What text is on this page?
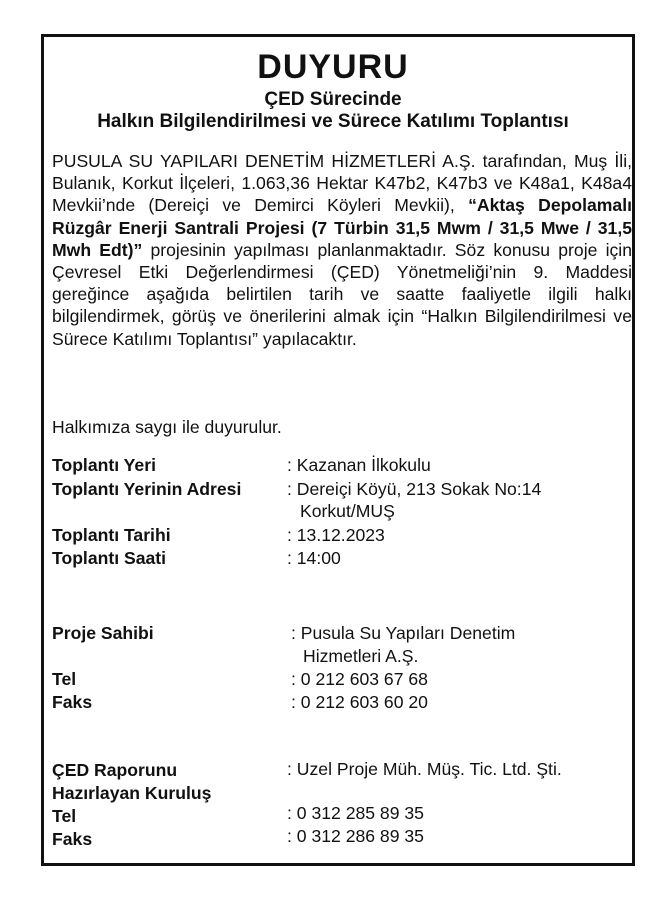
DUYURU
ÇED Sürecinde
Halkın Bilgilendirilmesi ve Sürece Katılımı Toplantısı
PUSULA SU YAPILARI DENETİM HİZMETLERİ A.Ş. tarafından, Muş İli, Bulanık, Korkut İlçeleri, 1.063,36 Hektar K47b2, K47b3 ve K48a1, K48a4 Mevkii’nde (Dereiçi ve Demirci Köyleri Mevkii), “Aktaş Depolamalı Rüzgâr Enerji Santrali Projesi (7 Türbin 31,5 Mwm / 31,5 Mwe / 31,5 Mwh Edt)” projesinin yapılması planlanmaktadır. Söz konusu proje için Çevresel Etki Değerlendirmesi (ÇED) Yönetmeliği’nin 9. Maddesi gereğince aşağıda belirtilen tarih ve saatte faaliyetle ilgili halkı bilgilendirmek, görüş ve önerilerini almak için “Halkın Bilgilendirilmesi ve Sürece Katılımı Toplantısı” yapılacaktır.
Halkımıza saygı ile duyurulur.
Toplantı Yeri	: Kazanan İlkokulu
Toplantı Yerinin Adresi	: Dereiçi Köyü, 213 Sokak No:14
Korkut/MUŞ
Toplantı Tarihi	: 13.12.2023
Toplantı Saati	: 14:00
Proje Sahibi	: Pusula Su Yapıları Denetim
Hizmetleri A.Ş.
Tel	: 0 212 603 67 68
Faks	: 0 212 603 60 20
ÇED Raporunu
Hazırlayan Kuruluş
: Uzel Proje Müh. Müş. Tic. Ltd. Şti.
Tel	: 0 312 285 89 35
Faks	: 0 312 286 89 35
